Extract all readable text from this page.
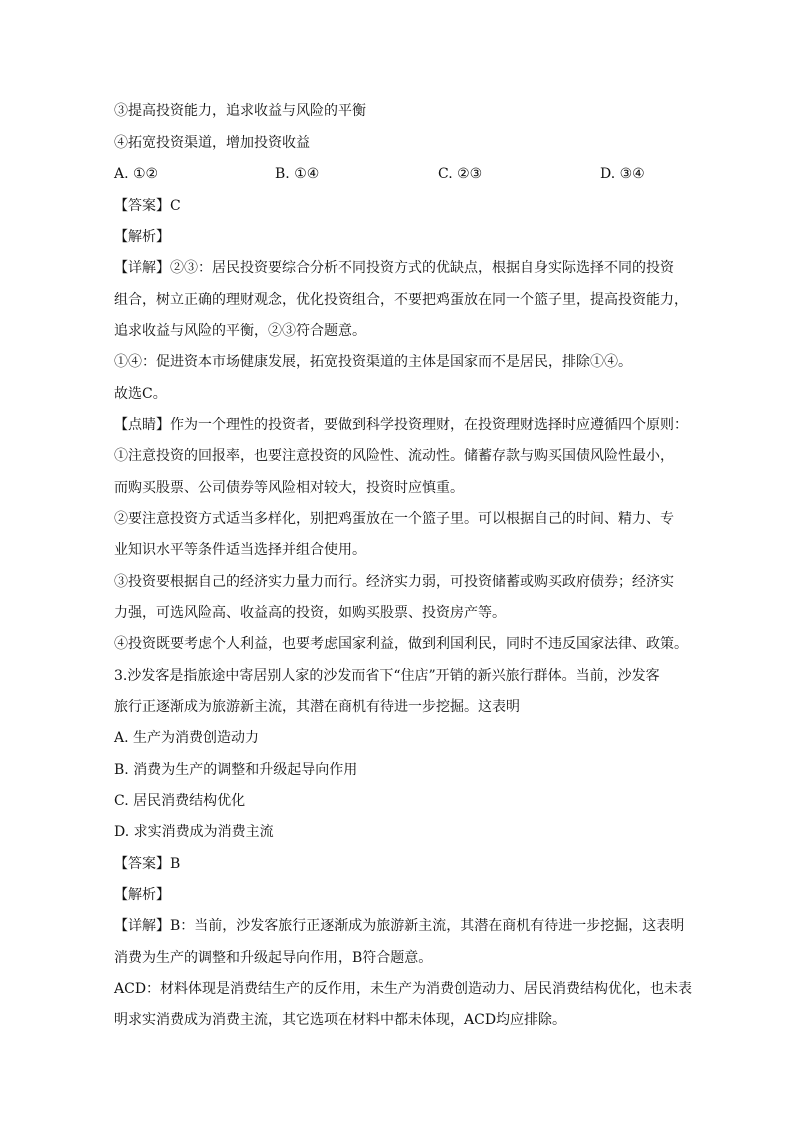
③提高投资能力，追求收益与风险的平衡
④拓宽投资渠道，增加投资收益
A. ①②	B. ①④	C. ②③	D. ③④
【答案】C
【解析】
【详解】②③：居民投资要综合分析不同投资方式的优缺点，根据自身实际选择不同的投资
组合，树立正确的理财观念，优化投资组合，不要把鸡蛋放在同一个篮子里，提高投资能力，
追求收益与风险的平衡，②③符合题意。
①④：促进资本市场健康发展，拓宽投资渠道的主体是国家而不是居民，排除①④。
故选C。
【点睛】作为一个理性的投资者，要做到科学投资理财，在投资理财选择时应遵循四个原则：
①注意投资的回报率，也要注意投资的风险性、流动性。储蓄存款与购买国债风险性最小，
而购买股票、公司债券等风险相对较大，投资时应慎重。
②要注意投资方式适当多样化，别把鸡蛋放在一个篮子里。可以根据自己的时间、精力、专
业知识水平等条件适当选择并组合使用。
③投资要根据自己的经济实力量力而行。经济实力弱，可投资储蓄或购买政府债券；经济实
力强，可选风险高、收益高的投资，如购买股票、投资房产等。
④投资既要考虑个人利益，也要考虑国家利益，做到利国利民，同时不违反国家法律、政策。
3.沙发客是指旅途中寄居别人家的沙发而省下“住店”开销的新兴旅行群体。当前，沙发客
旅行正逐渐成为旅游新主流，其潜在商机有待进一步挖掘。这表明
A. 生产为消费创造动力
B. 消费为生产的调整和升级起导向作用
C. 居民消费结构优化
D. 求实消费成为消费主流
【答案】B
【解析】
【详解】B：当前，沙发客旅行正逐渐成为旅游新主流，其潜在商机有待进一步挖掘，这表明
消费为生产的调整和升级起导向作用，B符合题意。
ACD：材料体现是消费结生产的反作用，未生产为消费创造动力、居民消费结构优化，也未表
明求实消费成为消费主流，其它选项在材料中都未体现，ACD均应排除。
